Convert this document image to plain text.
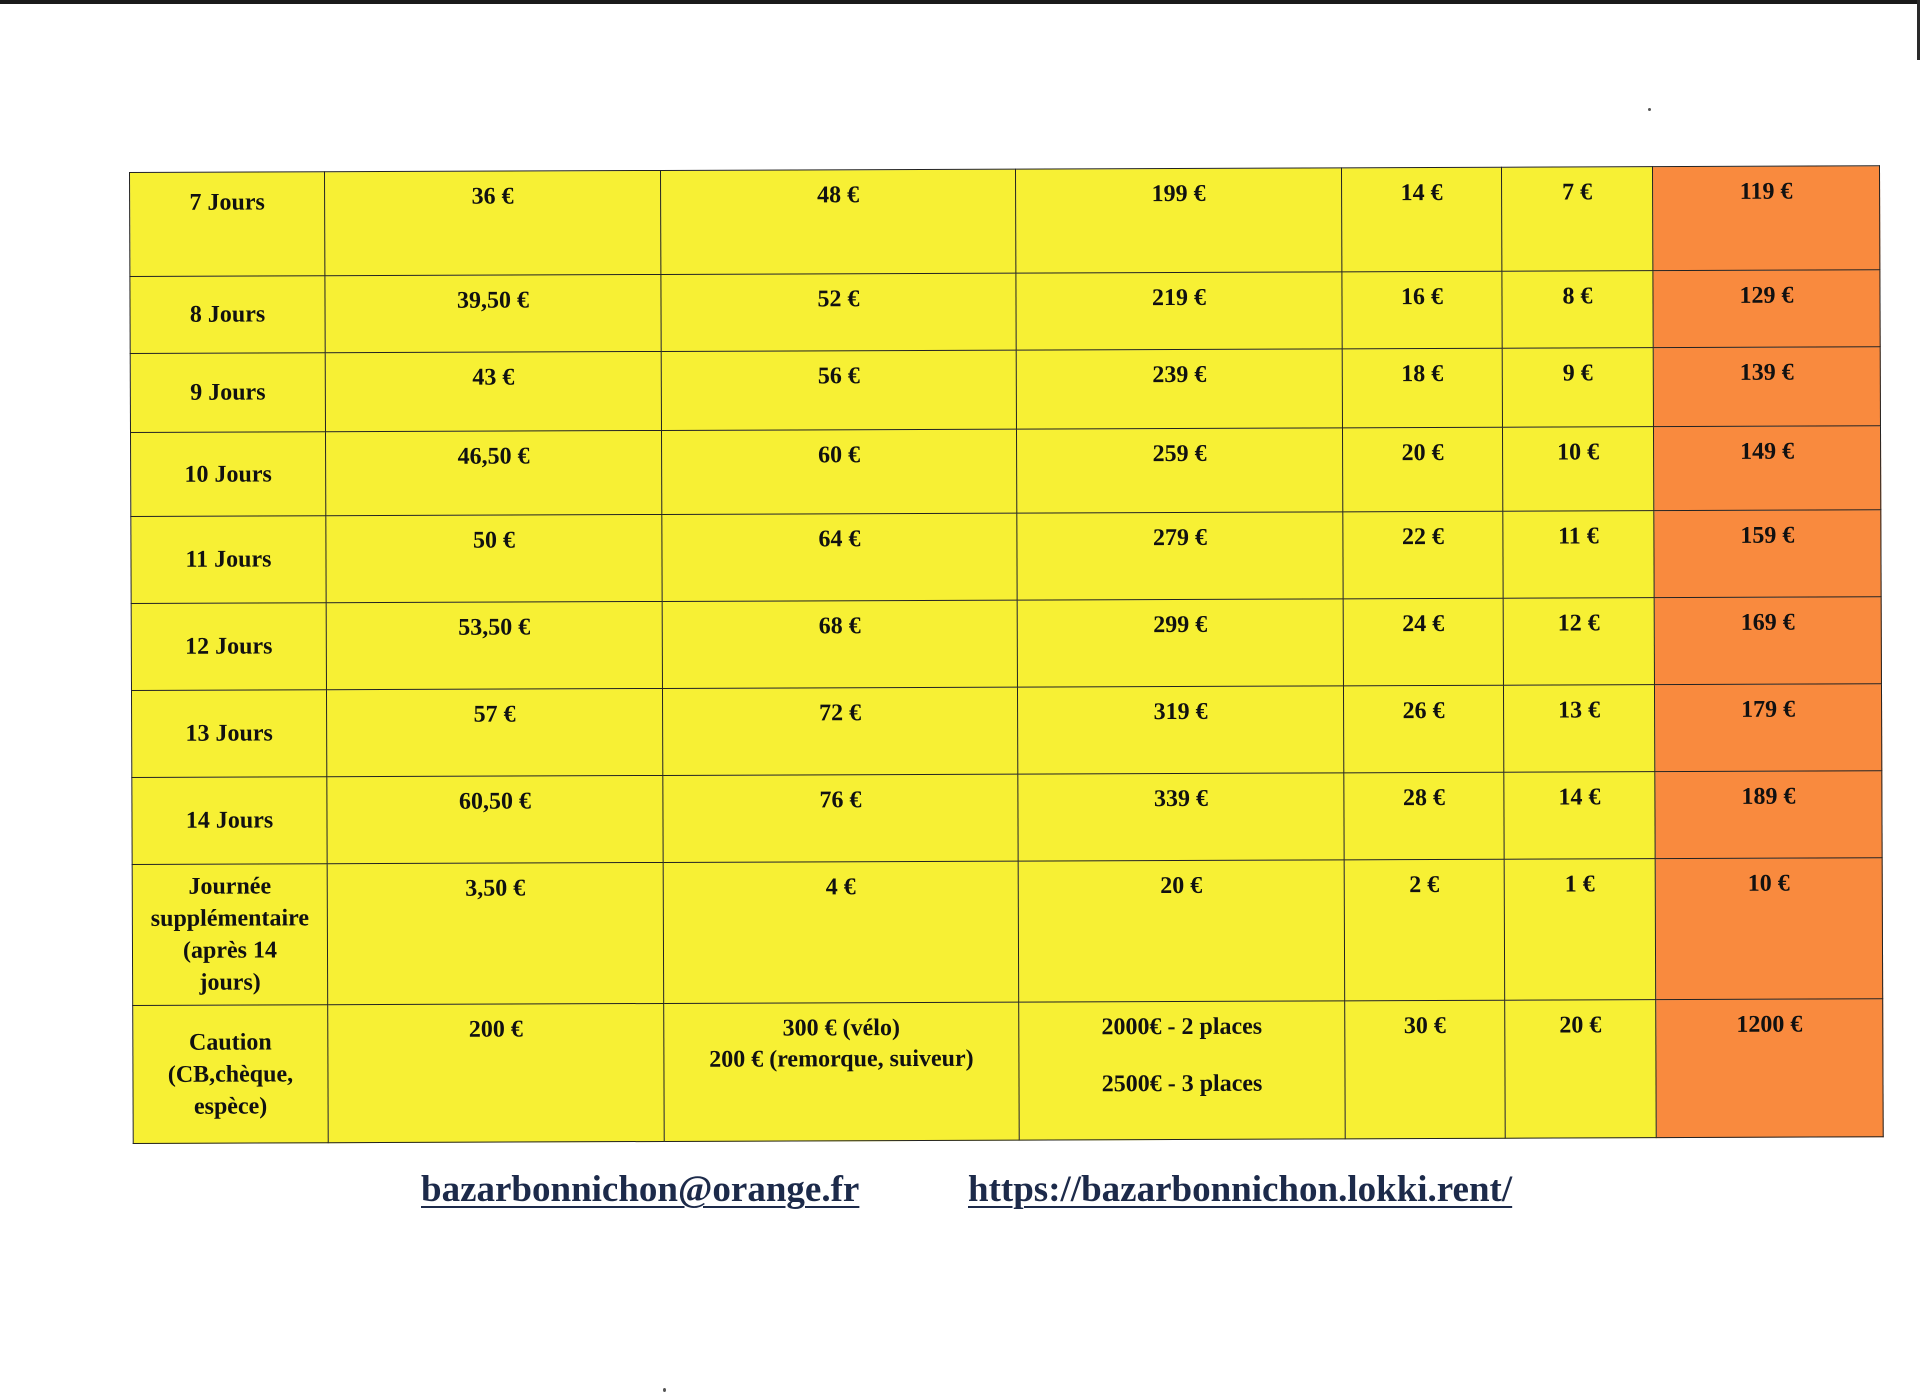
7 Jours	36 €	48 €	199 €	14 €	7 €	119 €

8 Jours	39,50 €	52 €	219 €	16 €	8 €	129 €

9 Jours	43 €	56 €	239 €	18 €	9 €	139 €

10 Jours	46,50 €	60 €	259 €	20 €	10 €	149 €

11 Jours	50 €	64 €	279 €	22 €	11 €	159 €

12 Jours	53,50 €	68 €	299 €	24 €	12 €	169 €

13 Jours	57 €	72 €	319 €	26 €	13 €	179 €

14 Jours	60,50 €	76 €	339 €	28 €	14 €	189 €

Journée
supplémentaire
(après 14
jours)	3,50 €	4 €	20 €	2 €	1 €	10 €

Caution
(CB,chèque,
espèce)	200 €	300 € (vélo)
200 € (remorque, suiveur)	2000€ - 2 places
2500€ - 3 places	30 €	20 €	1200 €
bazarbonnichon@orange.fr	https://bazarbonnichon.lokki.rent/
